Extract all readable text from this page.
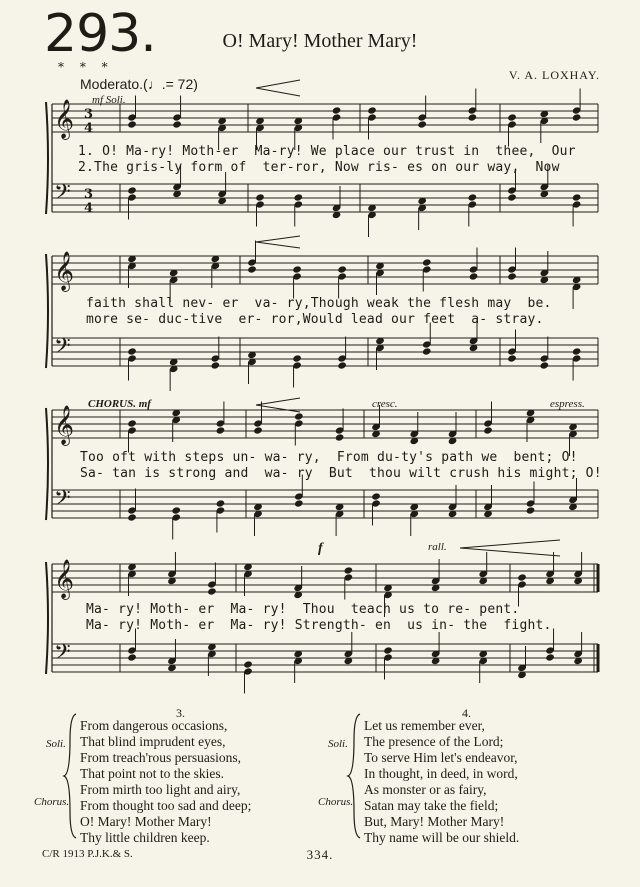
293.	O! Mary! Mother Mary!
* * *
Moderato.(♩.= 72)
V. A. LOXHAY.
𝄞
𝄢
3
4
3
4
𝄞
𝄢
𝄞
𝄢
𝄞
𝄢
mf Soli.
CHORUS. mf	cresc.	espress.
f	rall.
1. O! Ma-ry! Moth-er  Ma-ry! We place our trust in  thee,  Our
2.The gris-ly form of  ter-ror, Now ris- es on our way,  Now
faith shall nev- er  va- ry,Though weak the flesh may  be.
more se- duc-tive  er- ror,Would lead our feet  a- stray.
Too oft with steps un- wa- ry,  From du-ty's path we  bent; O!
Sa- tan is strong and  wa- ry  But  thou wilt crush his might; O!
Ma- ry! Moth- er  Ma- ry!  Thou  teach us to re- pent.
Ma- ry! Moth- er  Ma- ry! Strength- en  us in- the  fight.
3.
Soli.
Chorus.
From dangerous occasions,
That blind imprudent eyes,
From treach'rous persuasions,
That point not to the skies.
From mirth too light and airy,
From thought too sad and deep;
O! Mary! Mother Mary!
Thy little children keep.
4.
Soli.
Chorus.
Let us remember ever,
The presence of the Lord;
To serve Him let's endeavor,
In thought, in deed, in word,
As monster or as fairy,
Satan may take the field;
But, Mary! Mother Mary!
Thy name will be our shield.
C/R 1913 P.J.K.& S.	334.
